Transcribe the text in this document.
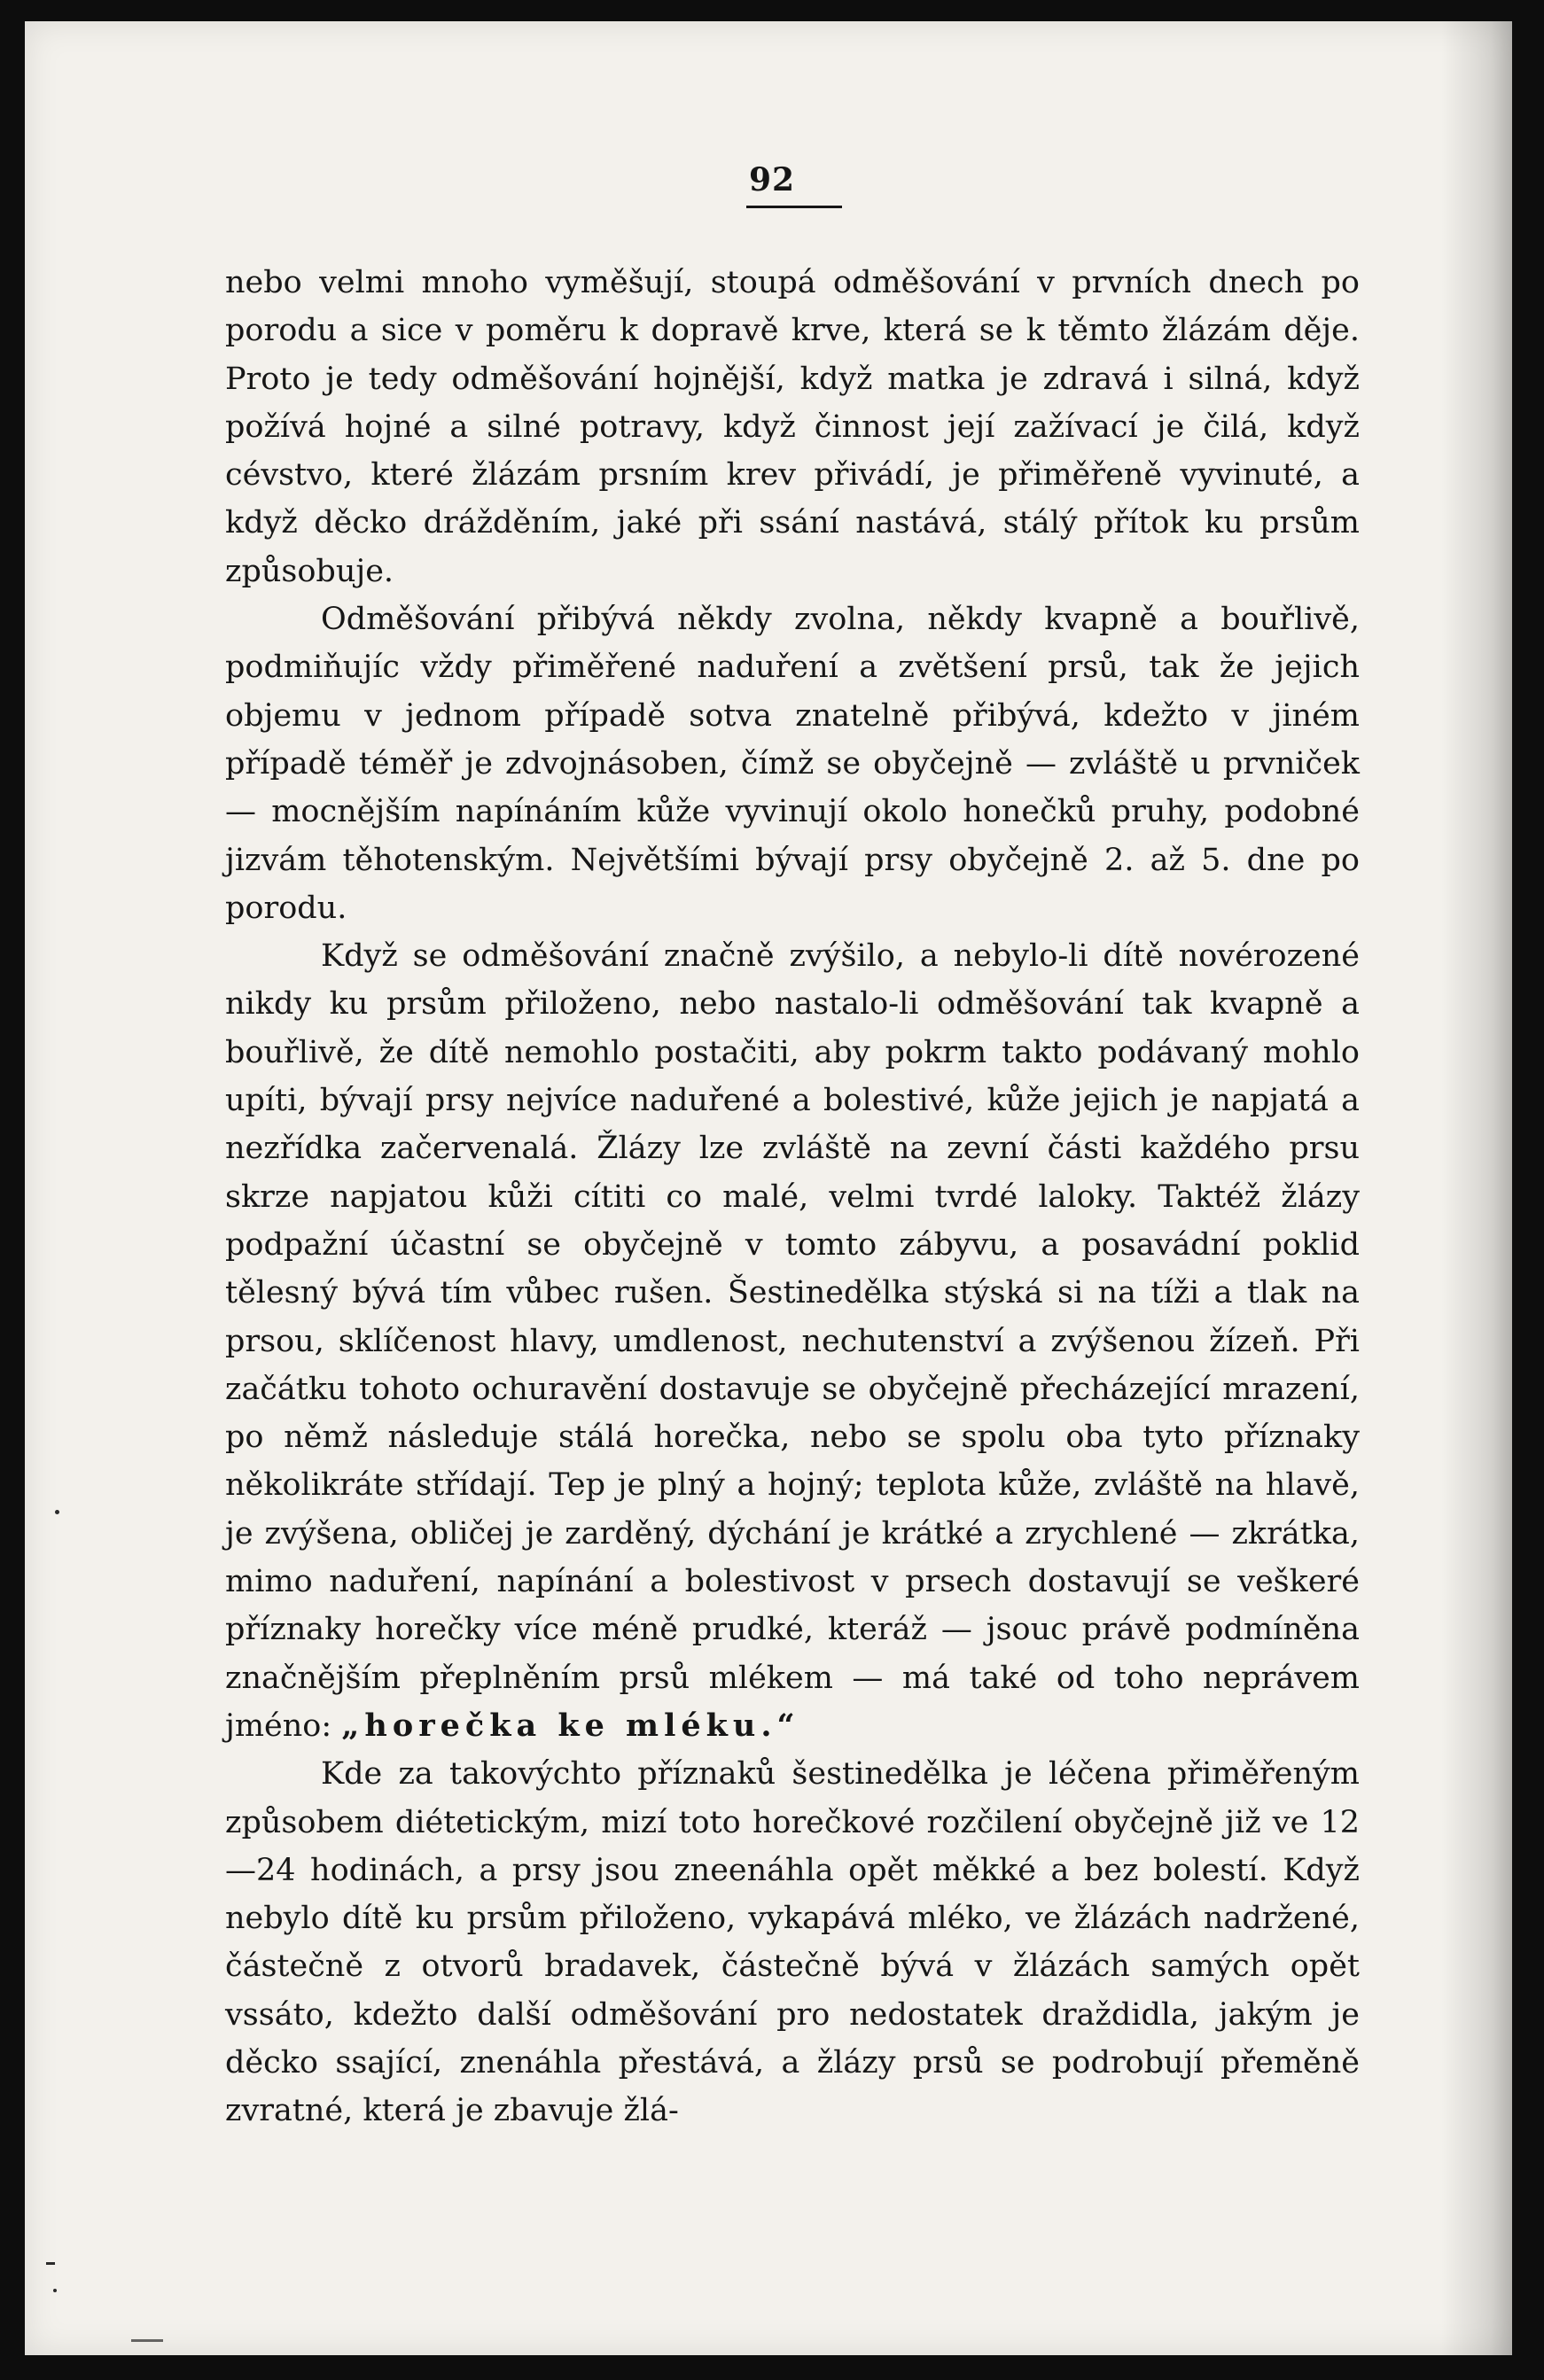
92

nebo velmi mnoho vyměšují, stoupá odměšování v prvních dnech po porodu a sice v poměru k dopravě krve, která se k těmto žlázám děje. Proto je tedy odměšování hojnější, když matka je zdravá i silná, když požívá hojné a silné potravy, když činnost její zažívací je čilá, když cévstvo, které žlázám prsním krev přivádí, je přiměřeně vyvinuté, a když děcko drážděním, jaké při ssání nastává, stálý přítok ku prsům způsobuje.

Odměšování přibývá někdy zvolna, někdy kvapně a bouřlivě, podmiňujíc vždy přiměřené naduření a zvětšení prsů, tak že jejich objemu v jednom případě sotva znatelně přibývá, kdežto v jiném případě téměř je zdvojnásoben, čímž se obyčejně — zvláště u prvniček — mocnějším napínáním kůže vyvinují okolo honečků pruhy, podobné jizvám těhotenským. Největšími bývají prsy obyčejně 2. až 5. dne po porodu.

Když se odměšování značně zvýšilo, a nebylo-li dítě novérozené nikdy ku prsům přiloženo, nebo nastalo-li odměšování tak kvapně a bouřlivě, že dítě nemohlo postačiti, aby pokrm takto podávaný mohlo upíti, bývají prsy nejvíce naduřené a bolestivé, kůže jejich je napjatá a nezřídka začervenalá. Žlázy lze zvláště na zevní části každého prsu skrze napjatou kůži cítiti co malé, velmi tvrdé laloky. Taktéž žlázy podpažní účastní se obyčejně v tomto zábyvu, a posavádní poklid tělesný bývá tím vůbec rušen. Šestinedělka stýská si na tíži a tlak na prsou, sklíčenost hlavy, umdlenost, nechutenství a zvýšenou žízeň. Při začátku tohoto ochuravění dostavuje se obyčejně přecházející mrazení, po němž následuje stálá horečka, nebo se spolu oba tyto příznaky několikráte střídají. Tep je plný a hojný; teplota kůže, zvláště na hlavě, je zvýšena, obličej je zarděný, dýchání je krátké a zrychlené — zkrátka, mimo naduření, napínání a bolestivost v prsech dostavují se veškeré příznaky horečky více méně prudké, kteráž — jsouc právě podmíněna značnějším přeplněním prsů mlékem — má také od toho neprávem jméno: „horečka ke mléku.“

Kde za takovýchto příznaků šestinedělka je léčena přiměřeným způsobem diétetickým, mizí toto horečkové rozčilení obyčejně již ve 12—24 hodinách, a prsy jsou zneenáhla opět měkké a bez bolestí. Když nebylo dítě ku prsům přiloženo, vykapává mléko, ve žlázách nadržené, částečně z otvorů bradavek, částečně bývá v žlázách samých opět vssáto, kdežto další odměšování pro nedostatek draždidla, jakým je děcko ssající, znenáhla přestává, a žlázy prsů se podrobují přeměně zvratné, která je zbavuje žlá-
